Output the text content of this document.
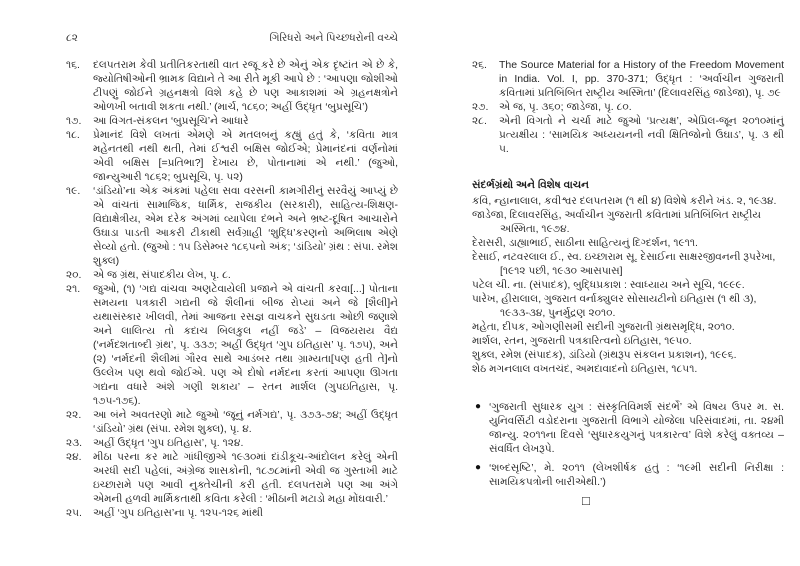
૮૨	ગિરિધરો અને પિચ્છધરોની વચ્ચે
૧૬.	દલપતરામ કેવી પ્રતીતિકરતાથી વાત રજૂ કરે છે એનું એક દૃષ્ટાંત એ છે કે, જ્યોતિષીઓની ભ્રામક વિદ્યાને તે આ રીતે મૂકી આપે છે : ‘આપણા જોશીઓ ટીપણું જોઈને ગ્રહનક્ષત્રો વિશે કહે છે પણ આકાશમાં એ ગ્રહનક્ષત્રોને ઓળખી બતાવી શકતા નથી.’ (માર્ચ, ૧૮૬૦; અહીં ઉદ્ધૃત ‘બુપ્રસૂચિ’)
૧૭.	આ વિગત-સંકલન ‘બુપ્રસૂચિ’ને આધારે
૧૮.	પ્રેમાનંદ વિશે લખતાં એમણે એ મતલબનું કહ્યું હતું કે, ‘કવિતા માત્ર મહેનતથી નથી થતી, તેમાં ઈશ્વરી બક્ષિસ જોઈએ; પ્રેમાનંદનાં વર્ણનોમાં એવી બક્ષિસ [=પ્રતિભા?] દેખાય છે, પોતાનામાં એ નથી.’ (જુઓ, જાન્યુઆરી ૧૮૬૨; બુપ્રસૂચિ, પૃ. ૫૨)
૧૯.	‘ડાંડિયો’ના એક અંકમાં પહેલા સવા વરસની કામગીરીનું સરવૈયું આપ્યું છે એ વાંચતાં સામાજિક, ધાર્મિક, રાજકીય (સરકારી), સાહિત્ય-શિક્ષણ-વિદ્યાક્ષેત્રીય, એમ દરેક અંગમાં વ્યાપેલા દંભને અને ભ્રષ્ટ-દૂષિત આચારોને ઉઘાડા પાડતી આકરી ટીકાથી સર્વગ્રાહી ‘શુદ્ધિ’કરણનો અભિલાષ એણે સેવ્યો હતો. (જુઓ : ૧૫ ડિસેમ્બર ૧૮૬૫નો અંક; ‘ડાંડિયો’ ગ્રંથ : સંપા. રમેશ શુક્લ)
૨૦.	એ જ ગ્રંથ, સંપાદકીય લેખ, પૃ. ૮.
૨૧.	જુઓ, (૧) ‘ગદ્ય વાંચવા અણટેવાયેલી પ્રજાને એ વાંચતી કરવા[...] પોતાના સમયના પત્રકારી ગદ્યની જે શૈલીનાં બીજ રોપ્યાં અને જે [શૈલી]ને યથાસંસ્કાર ખીલવી, તેમાં આજના રસજ્ઞ વાચકને સુઘડતા ઓછી જણાશે અને લાલિત્ય તો કદાચ બિલકુલ નહીં જડે’ – વિજયરાય વૈદ્ય (‘નર્મદશતાબ્દી ગ્રંથ’, પૃ. ૩૩૭; અહીં ઉદ્ધૃત ‘ગુપ ઇતિહાસ’ પૃ. ૧૭૫), અને (૨) ‘નર્મદની શૈલીમાં ગૌરવ સાથે આડંબર તથા ગ્રામ્યતા[પણ હતી તે]નો ઉલ્લેખ પણ થવો જોઈએ. પણ એ દોષો નર્મદના કરતાં આપણા ઊગતા ગદ્યના વધારે અંશે ગણી શકાય’ – રતન માર્શલ (ગુપઇતિહાસ, પૃ. ૧૭૫-૧૭૬).
૨૨.	આ બંને અવતરણો માટે જુઓ ‘જૂનું નર્મગદ્ય’, પૃ. ૩૭૩-૭૪; અહીં ઉદ્ધૃત ‘ડાંડિયો’ ગ્રંથ (સંપા. રમેશ શુક્લ), પૃ. ૪.
૨૩.	અહીં ઉદ્ધૃત ‘ગુપ ઇતિહાસ’, પૃ. ૧૨૪.
૨૪.	મીઠા પરના કર માટે ગાંધીજીએ ૧૯૩૦માં દાંડીકૂચ-આંદોલન કરેલું એની અરધી સદી પહેલાં, અંગ્રેજ શાસકોની, ૧૮૭૮માંની એવી જ ગુસ્તાખી માટે ઇચ્છારામે પણ આવી નુક્તેચીની કરી હતી. દલપતરામે પણ આ અંગે એમની હળવી માર્મિકતાથી કવિતા કરેલી : ‘મીઠાની મટાડો મહા મોંઘવારી.’
૨૫.	અહીં ‘ગુપ ઇતિહાસ’ના પૃ. ૧૨૫-૧૨૬ માંથી
૨૬.	The Source Material for a History of the Freedom Movement in India. Vol. I, pp. 370-371; ઉદ્ધૃત : ‘અર્વાચીન ગુજરાતી કવિતામાં પ્રતિબિંબિત રાષ્ટ્રીય અસ્મિતા’ (દિલાવરસિંહ જાડેજા), પૃ. ૭૯
૨૭.	એ જ, પૃ. ૩૬૦; જાડેજા, પૃ. ૮૦.
૨૮.	એની વિગતો ને ચર્ચા માટે જુઓ ‘પ્રત્યક્ષ’, એપ્રિલ-જૂન ૨૦૧૦માંનું પ્રત્યક્ષીય : ‘સામયિક અધ્યયનની નવી ક્ષિતિજોનો ઉઘાડ’, પૃ. ૩ થી ૫.
સંદર્ભગ્રંથો અને વિશેષ વાચન

કવિ, ન્હાનાલાલ, કવીશ્વર દલપતરામ (૧ થી ૪) વિશેષે કરીને ખંડ. ૨, ૧૯૩૪.

જાડેજા, દિલાવરસિંહ, અર્વાચીન ગુજરાતી કવિતામાં પ્રતિબિંબિત રાષ્ટ્રીય અસ્મિતા, ૧૯૭૪.

દેરાસરી, ડાહ્યાભાઈ, સાઠીના સાહિત્યનું દિગ્દર્શન, ૧૯૧૧.

દેસાઈ, નટવરલાલ ઈ., સ્વ. ઇચ્છારામ સૂ. દેસાઈના સાક્ષરજીવનની રૂપરેખા, [૧૯૧૨ પછી, ૧૯૩૦ આસપાસ]

પટેલ ચી. ના. (સંપાદક), બુદ્ધિપ્રકાશ : સ્વાધ્યાય અને સૂચિ, ૧૯૯૯.

પારેખ, હીરાલાલ, ગુજરાત વર્નાક્યુલર સોસાયટીનો ઇતિહાસ (૧ થી ૩), ૧૯૩૩-૩૪, પુનર્મુદ્રણ ૨૦૧૦.

મહેતા, દીપક, ઓગણીસમી સદીની ગુજરાતી ગ્રંથસમૃદ્ધિ, ૨૦૧૦.

માર્શલ, રતન, ગુજરાતી પત્રકારિત્વનો ઇતિહાસ, ૧૯૫૦.

શુક્લ, રમેશ (સંપાદક), ડાંડિયો (ગ્રંથરૂપ સંકલન પ્રકાશન), ૧૯૯૬.

શેઠ મગનલાલ વખતચંદ, અમદાવાદનો ઇતિહાસ, ૧૮૫૧.

● ‘ગુજરાતી સુધારક યુગ : સંસ્કૃતિવિમર્શ સંદર્ભે’ એ વિષય ઉપર મ. સ. યુનિવર્સિટી વડોદરાના ગુજરાતી વિભાગે યોજેલા પરિસંવાદમાં, તા. ૨૪મી જાન્યુ. ૨૦૧૧ના દિવસે ‘સુધારકયુગનું પત્રકારત્વ’ વિશે કરેલું વક્તવ્ય – સંવર્ધિત લેખરૂપે.
● ‘શબ્દસૃષ્ટિ’, મે. ૨૦૧૧ (લેખશીર્ષક હતું : ‘૧૯મી સદીની નિરીક્ષા : સામયિકપત્રોની બારીએથી.’)
□
